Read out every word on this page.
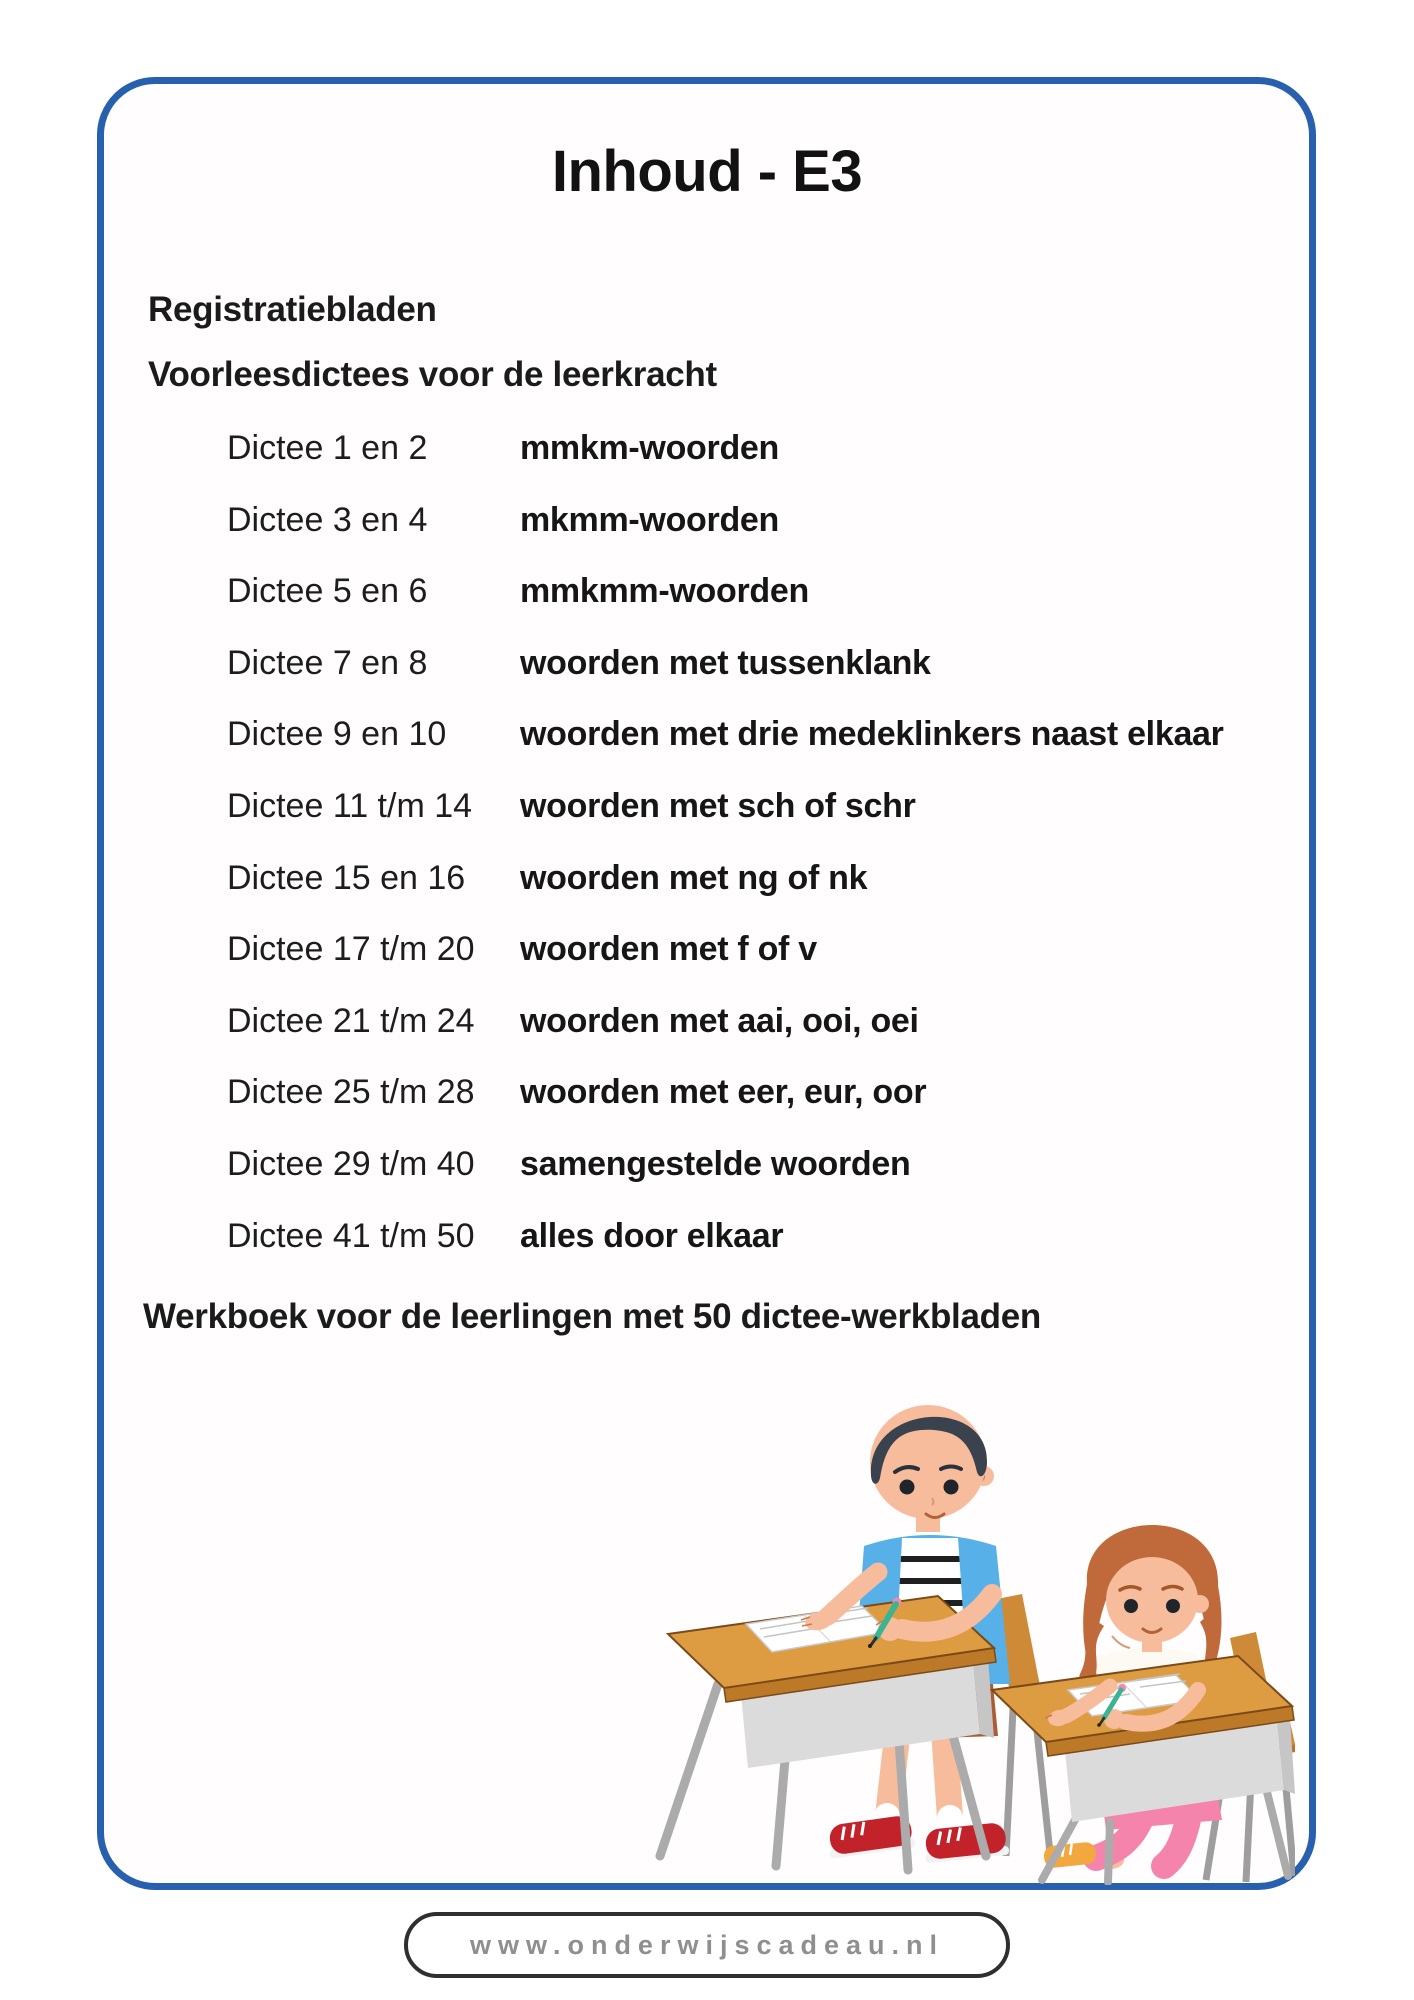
Inhoud - E3
Registratiebladen
Voorleesdictees voor de leerkracht
Dictee 1 en 2	mmkm-woorden
Dictee 3 en 4	mkmm-woorden
Dictee 5 en 6	mmkmm-woorden
Dictee 7 en 8	woorden met tussenklank
Dictee 9 en 10 woorden met drie medeklinkers naast elkaar
Dictee 11 t/m 14 woorden met sch of schr
Dictee 15 en 16 woorden met ng of nk
Dictee 17 t/m 20 woorden met f of v
Dictee 21 t/m 24 woorden met aai, ooi, oei
Dictee 25 t/m 28 woorden met eer, eur, oor
Dictee 29 t/m 40 samengestelde woorden
Dictee 41 t/m 50 alles door elkaar
Werkboek voor de leerlingen met 50 dictee-werkbladen
www.onderwijscadeau.nl
